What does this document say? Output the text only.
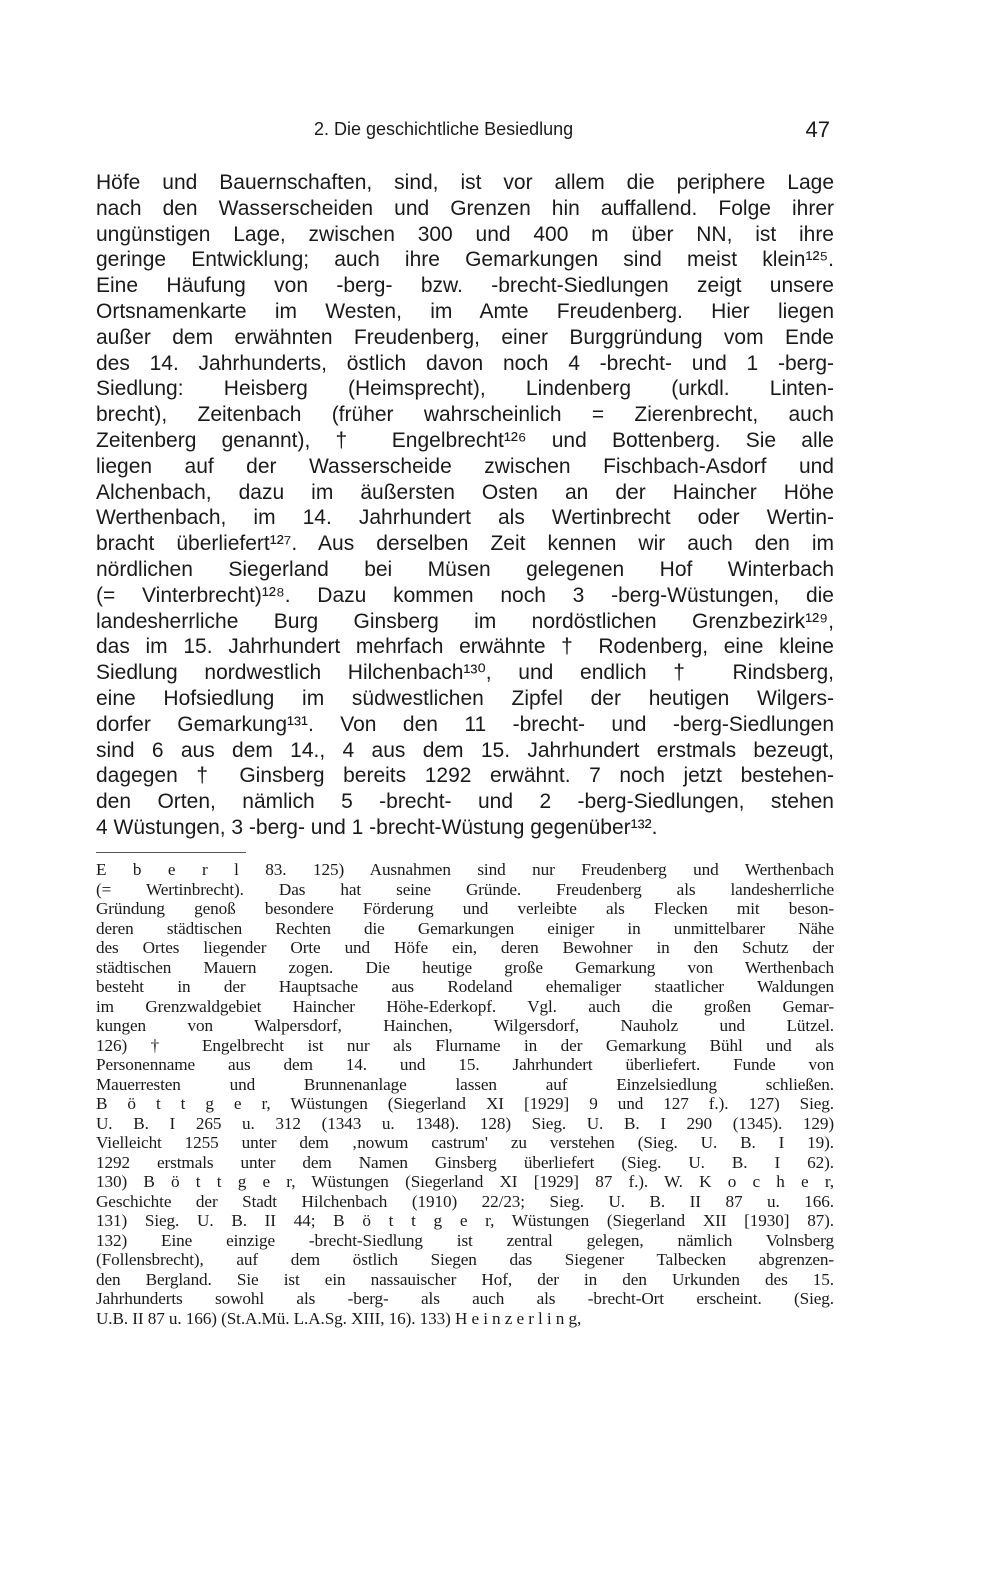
2. Die geschichtliche Besiedlung	47
Höfe und Bauernschaften, sind, ist vor allem die periphere Lage
nach den Wasserscheiden und Grenzen hin auffallend. Folge ihrer
ungünstigen Lage, zwischen 300 und 400 m über NN, ist ihre
geringe Entwicklung; auch ihre Gemarkungen sind meist klein¹²⁵.
Eine Häufung von -berg- bzw. -brecht-Siedlungen zeigt unsere
Ortsnamenkarte im Westen, im Amte Freudenberg. Hier liegen
außer dem erwähnten Freudenberg, einer Burggründung vom Ende
des 14. Jahrhunderts, östlich davon noch 4 -brecht- und 1 -berg-
Siedlung: Heisberg (Heimsprecht), Lindenberg (urkdl. Linten-
brecht), Zeitenbach (früher wahrscheinlich = Zierenbrecht, auch
Zeitenberg genannt), † Engelbrecht¹²⁶ und Bottenberg. Sie alle
liegen auf der Wasserscheide zwischen Fischbach-Asdorf und
Alchenbach, dazu im äußersten Osten an der Haincher Höhe
Werthenbach, im 14. Jahrhundert als Wertinbrecht oder Wertin-
bracht überliefert¹²⁷. Aus derselben Zeit kennen wir auch den im
nördlichen Siegerland bei Müsen gelegenen Hof Winterbach
(= Vinterbrecht)¹²⁸. Dazu kommen noch 3 -berg-Wüstungen, die
landesherrliche Burg Ginsberg im nordöstlichen Grenzbezirk¹²⁹,
das im 15. Jahrhundert mehrfach erwähnte † Rodenberg, eine kleine
Siedlung nordwestlich Hilchenbach¹³⁰, und endlich † Rindsberg,
eine Hofsiedlung im südwestlichen Zipfel der heutigen Wilgers-
dorfer Gemarkung¹³¹. Von den 11 -brecht- und -berg-Siedlungen
sind 6 aus dem 14., 4 aus dem 15. Jahrhundert erstmals bezeugt,
dagegen † Ginsberg bereits 1292 erwähnt. 7 noch jetzt bestehen-
den Orten, nämlich 5 -brecht- und 2 -berg-Siedlungen, stehen
4 Wüstungen, 3 -berg- und 1 -brecht-Wüstung gegenüber¹³².
E b e r l 83. 125) Ausnahmen sind nur Freudenberg und Werthenbach
(= Wertinbrecht). Das hat seine Gründe. Freudenberg als landesherrliche
Gründung genoß besondere Förderung und verleibte als Flecken mit beson-
deren städtischen Rechten die Gemarkungen einiger in unmittelbarer Nähe
des Ortes liegender Orte und Höfe ein, deren Bewohner in den Schutz der
städtischen Mauern zogen. Die heutige große Gemarkung von Werthenbach
besteht in der Hauptsache aus Rodeland ehemaliger staatlicher Waldungen
im Grenzwaldgebiet Haincher Höhe-Ederkopf. Vgl. auch die großen Gemar-
kungen von Walpersdorf, Hainchen, Wilgersdorf, Nauholz und Lützel.
126) † Engelbrecht ist nur als Flurname in der Gemarkung Bühl und als
Personenname aus dem 14. und 15. Jahrhundert überliefert. Funde von
Mauerresten und Brunnenanlage lassen auf Einzelsiedlung schließen.
B ö t t g e r, Wüstungen (Siegerland XI [1929] 9 und 127 f.). 127) Sieg.
U. B. I 265 u. 312 (1343 u. 1348). 128) Sieg. U. B. I 290 (1345). 129)
Vielleicht 1255 unter dem ‚nowum castrum' zu verstehen (Sieg. U. B. I 19).
1292 erstmals unter dem Namen Ginsberg überliefert (Sieg. U. B. I 62).
130) B ö t t g e r, Wüstungen (Siegerland XI [1929] 87 f.). W. K o c h e r,
Geschichte der Stadt Hilchenbach (1910) 22/23; Sieg. U. B. II 87 u. 166.
131) Sieg. U. B. II 44; B ö t t g e r, Wüstungen (Siegerland XII [1930] 87).
132) Eine einzige -brecht-Siedlung ist zentral gelegen, nämlich Volnsberg
(Follensbrecht), auf dem östlich Siegen das Siegener Talbecken abgrenzen-
den Bergland. Sie ist ein nassauischer Hof, der in den Urkunden des 15.
Jahrhunderts sowohl als -berg- als auch als -brecht-Ort erscheint. (Sieg.
U.B. II 87 u. 166) (St.A.Mü. L.A.Sg. XIII, 16). 133) H e i n z e r l i n g,
